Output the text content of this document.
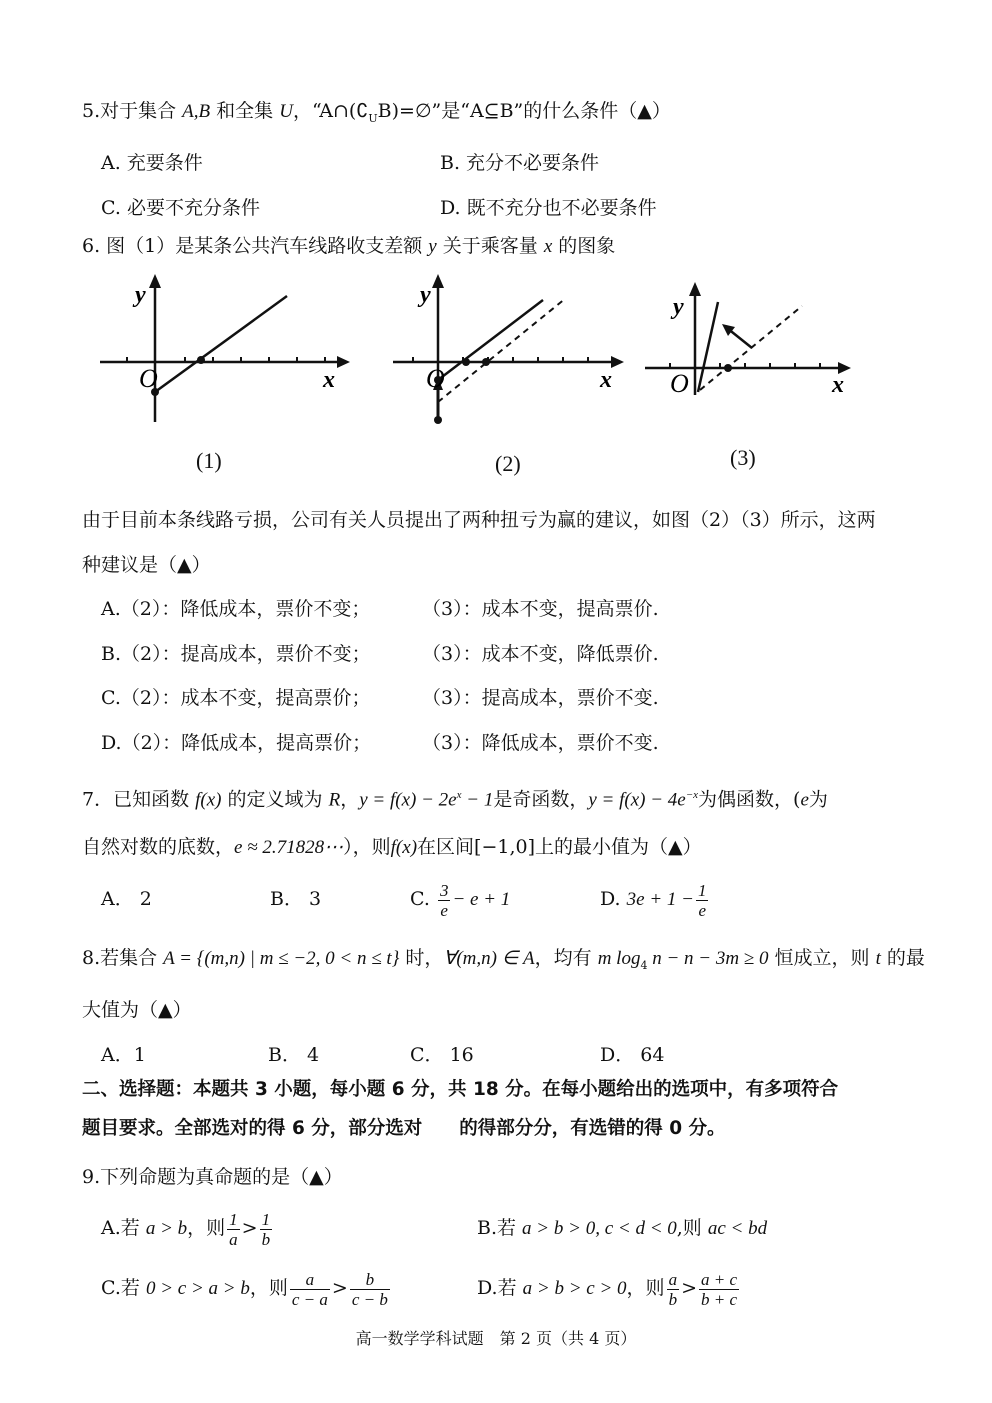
5.对于集合 A,B 和全集 U，“$A\cap(∁_UB)=\emptyset$”是“A⊆B”的什么条件（▲）
A. 充要条件	B. 充分不必要条件
C. 必要不充分条件	D. 既不充分也不必要条件
6. 图（1）是某条公共汽车线路收支差额 y 关于乘客量 x 的图象
y
O	x
(1)
y
O	x
(2)
y
O	x
(3)
由于目前本条线路亏损，公司有关人员提出了两种扭亏为赢的建议，如图（2）（3）所示，这两
种建议是（▲）
A.（2）：降低成本，票价不变；	（3）：成本不变，提高票价.
B.（2）：提高成本，票价不变；	（3）：成本不变，降低票价.
C.（2）：成本不变，提高票价；	（3）：提高成本，票价不变.
D.（2）：降低成本，提高票价；	（3）：降低成本，票价不变.
7．已知函数 f(x) 的定义域为 R，$y = f(x) - 2e^x - 1$是奇函数，$y = f(x) - 4e^{-x}$为偶函数，(e为
自然对数的底数，e ≈ 2.71828⋯），则f(x)在区间[−1,0]上的最小值为（▲）
A． 2	B． 3	C. $\frac{3}{e} - e + 1$	D. $3e + 1 - \frac{1}{e}$
8.若集合 A = {(m,n) | m ≤ −2, 0 < n ≤ t} 时，∀(m,n) ∈ A，均有 m $\log_4 n - n - 3m \ge 0$ 恒成立，则 t 的最
大值为（▲）
A．1	B． 4	C． 16	D． 64
二、选择题：本题共 3 小题，每小题 6 分，共 18 分。在每小题给出的选项中，有多项符合
题目要求。全部选对的得 6 分，部分选对　　的得部分分，有选错的得 0 分。
9.下列命题为真命题的是（▲）
A.若 a > b，则 $\frac{1}{a} > \frac{1}{b}$	B.若 a > b > 0, c < d < 0,则 ac < bd
C.若 0 > c > a > b，则 $\frac{a}{c - a} > \frac{b}{c - b}$	D.若 a > b > c > 0，则 $\frac{a}{b} > \frac{a + c}{b + c}$
高一数学学科试题　第 2 页（共 4 页）
